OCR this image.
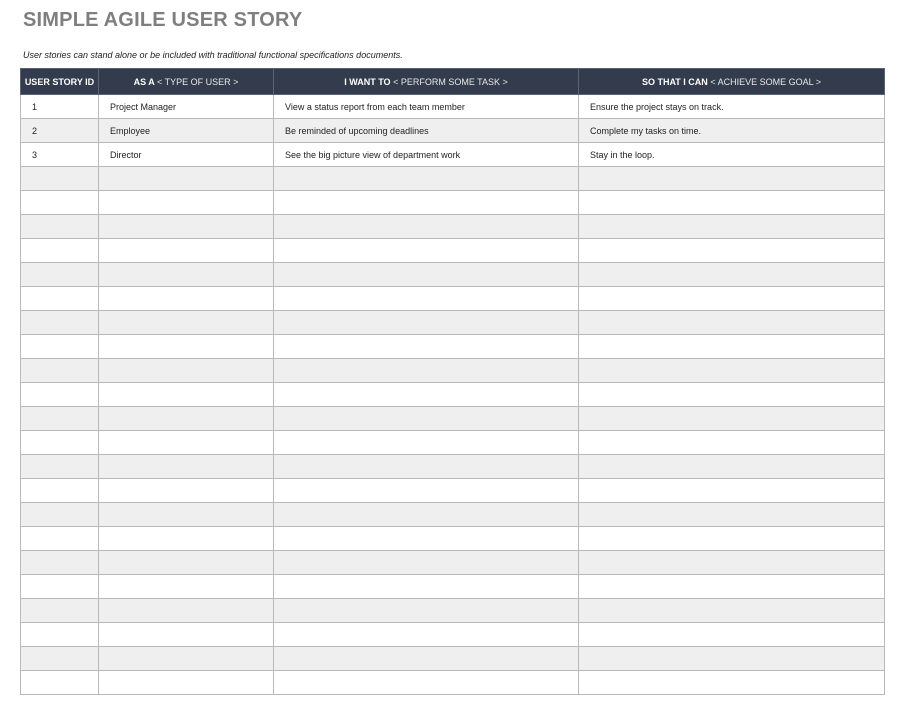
SIMPLE AGILE USER STORY
User stories can stand alone or be included with traditional functional specifications documents.
USER STORY ID	AS A < TYPE OF USER >	I WANT TO < PERFORM SOME TASK >	SO THAT I CAN < ACHIEVE SOME GOAL >
1	Project Manager	View a status report from each team member	Ensure the project stays on track.
2	Employee	Be reminded of upcoming deadlines	Complete my tasks on time.
3	Director	See the big picture view of department work	Stay in the loop.
